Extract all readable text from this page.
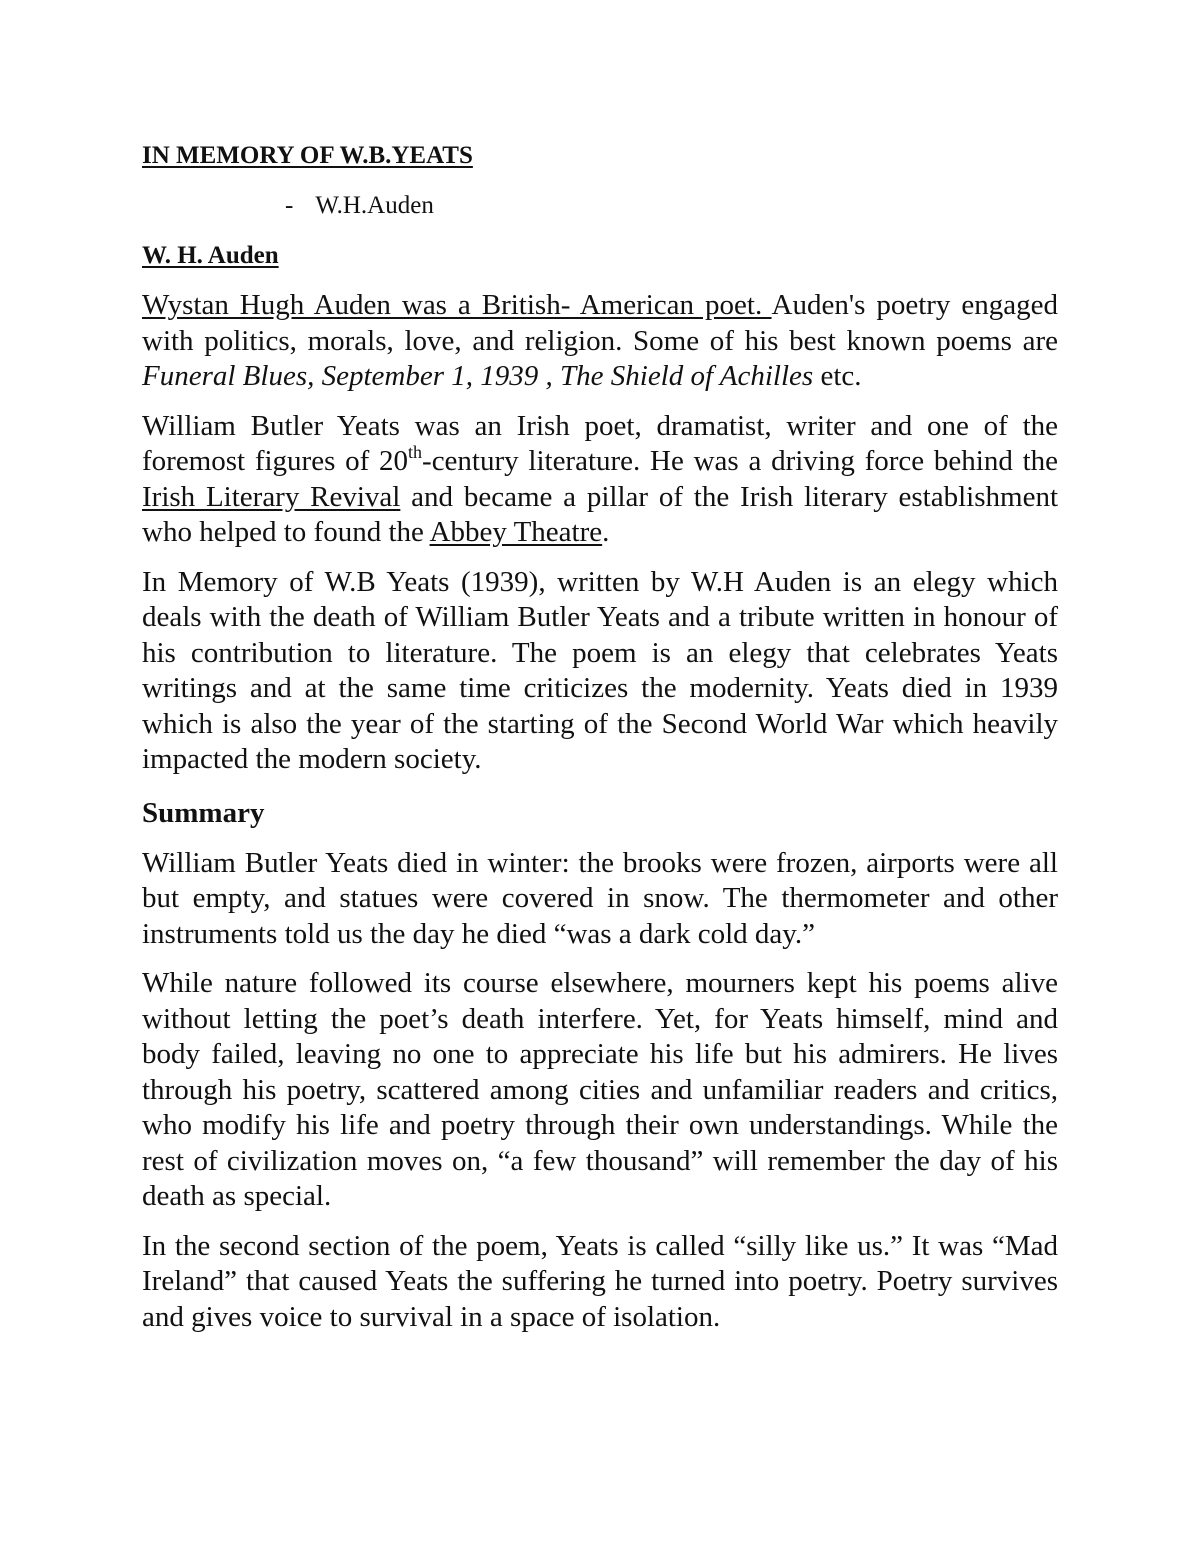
IN MEMORY OF W.B.YEATS
- W.H.Auden
W. H. Auden

Wystan Hugh Auden was a British- American poet. Auden's poetry engaged with politics, morals, love, and religion. Some of his best known poems are Funeral Blues, September 1, 1939 , The Shield of Achilles etc.

William Butler Yeats was an Irish poet, dramatist, writer and one of the foremost figures of 20th-century literature. He was a driving force behind the Irish Literary Revival and became a pillar of the Irish literary establishment who helped to found the Abbey Theatre.

In Memory of W.B Yeats (1939), written by W.H Auden is an elegy which deals with the death of William Butler Yeats and a tribute written in honour of his contribution to literature. The poem is an elegy that celebrates Yeats writings and at the same time criticizes the modernity. Yeats died in 1939 which is also the year of the starting of the Second World War which heavily impacted the modern society.

Summary

William Butler Yeats died in winter: the brooks were frozen, airports were all but empty, and statues were covered in snow. The thermometer and other instruments told us the day he died “was a dark cold day.”

While nature followed its course elsewhere, mourners kept his poems alive without letting the poet’s death interfere. Yet, for Yeats himself, mind and body failed, leaving no one to appreciate his life but his admirers. He lives through his poetry, scattered among cities and unfamiliar readers and critics, who modify his life and poetry through their own understandings. While the rest of civilization moves on, “a few thousand” will remember the day of his death as special.

In the second section of the poem, Yeats is called “silly like us.” It was “Mad Ireland” that caused Yeats the suffering he turned into poetry. Poetry survives and gives voice to survival in a space of isolation.
